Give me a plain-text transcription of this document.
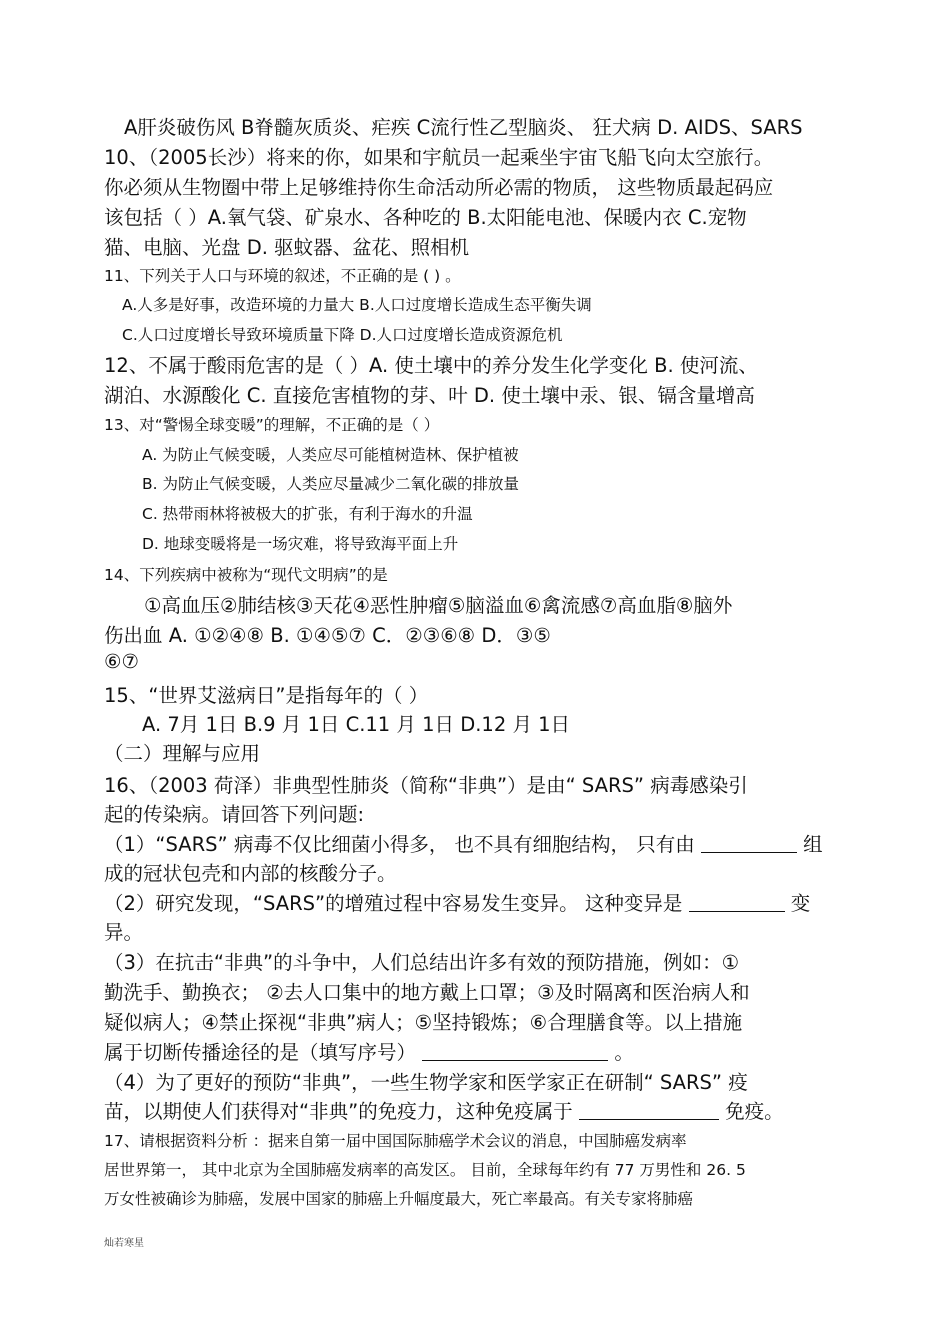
A肝炎破伤风 B脊髓灰质炎、疟疾 C流行性乙型脑炎、 狂犬病 D. AIDS、SARS
10、（2005长沙）将来的你，如果和宇航员一起乘坐宇宙飞船飞向太空旅行。
你必须从生物圈中带上足够维持你生命活动所必需的物质， 这些物质最起码应
该包括（ ）A.氧气袋、矿泉水、各种吃的 B.太阳能电池、保暖内衣 C.宠物
猫、电脑、光盘 D. 驱蚊器、盆花、照相机
11、下列关于人口与环境的叙述，不正确的是 ( ) 。
A.人多是好事，改造环境的力量大 B.人口过度增长造成生态平衡失调
C.人口过度增长导致环境质量下降 D.人口过度增长造成资源危机
12、不属于酸雨危害的是（ ）A. 使土壤中的养分发生化学变化 B. 使河流、
湖泊、水源酸化 C. 直接危害植物的芽、叶 D. 使土壤中汞、银、镉含量增高
13、对“警惕全球变暖”的理解，不正确的是（ ）
A. 为防止气候变暖，人类应尽可能植树造林、保护植被
B. 为防止气候变暖，人类应尽量减少二氧化碳的排放量
C. 热带雨林将被极大的扩张，有利于海水的升温
D. 地球变暖将是一场灾难，将导致海平面上升
14、下列疾病中被称为“现代文明病”的是
①高血压②肺结核③天花④恶性肿瘤⑤脑溢血⑥禽流感⑦高血脂⑧脑外
伤出血 A. ①②④⑧ B. ①④⑤⑦ C．②③⑥⑧ D．③⑤
⑥⑦
15、“世界艾滋病日”是指每年的（ ）
A. 7月 1日 B.9 月 1日 C.11 月 1日 D.12 月 1日
（二）理解与应用
16、（2003 荷泽）非典型性肺炎（简称“非典”）是由“ SARS” 病毒感染引
起的传染病。请回答下列问题:
（1）“SARS” 病毒不仅比细菌小得多， 也不具有细胞结构， 只有由	组
成的冠状包壳和内部的核酸分子。
（2）研究发现，“SARS”的增殖过程中容易发生变异。 这种变异是	变
异。
（3）在抗击“非典”的斗争中，人们总结出许多有效的预防措施，例如：①
勤洗手、勤换衣； ②去人口集中的地方戴上口罩；③及时隔离和医治病人和
疑似病人；④禁止探视“非典”病人；⑤坚持锻炼；⑥合理膳食等。以上措施
属于切断传播途径的是（填写序号）	。
（4）为了更好的预防“非典”，一些生物学家和医学家正在研制“ SARS” 疫
苗，以期使人们获得对“非典”的免疫力，这种免疫属于	免疫。
17、请根据资料分析 ：据来自第一届中国国际肺癌学术会议的消息，中国肺癌发病率
居世界第一， 其中北京为全国肺癌发病率的高发区。 目前，全球每年约有 77 万男性和 26. 5
万女性被确诊为肺癌，发展中国家的肺癌上升幅度最大，死亡率最高。有关专家将肺癌
灿若寒星
